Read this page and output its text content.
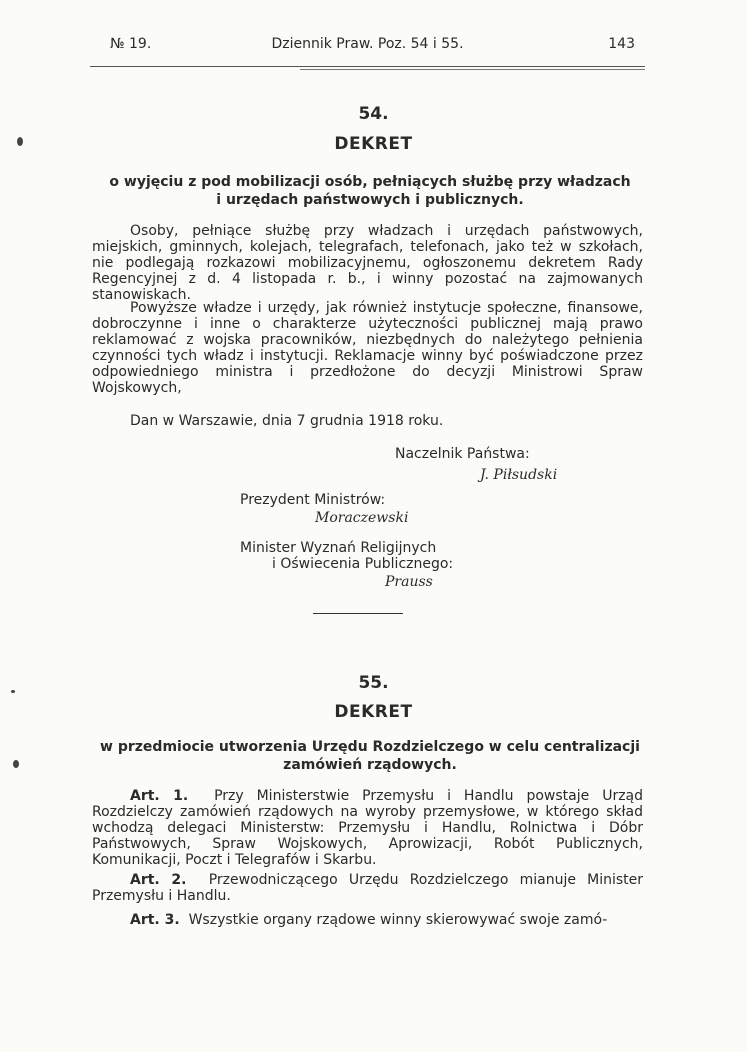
№ 19.	Dziennik Praw. Poz. 54 i 55.	143
54.
DEKRET
o wyjęciu z pod mobilizacji osób, pełniących służbę przy władzach
i urzędach państwowych i publicznych.
Osoby, pełniące służbę przy władzach i urzędach państwowych, miejskich, gminnych, kolejach, telegrafach, telefonach, jako też w szkołach, nie podlegają rozkazowi mobilizacyjnemu, ogłoszonemu dekretem Rady Regencyjnej z d. 4 listopada r. b., i winny pozostać na zajmowanych stanowiskach.
Powyższe władze i urzędy, jak również instytucje społeczne, finansowe, dobroczynne i inne o charakterze użyteczności publicznej mają prawo reklamować z wojska pracowników, niezbędnych do należytego pełnienia czynności tych władz i instytucji. Reklamacje winny być poświadczone przez odpowiedniego ministra i przedłożone do decyzji Ministrowi Spraw Wojskowych,
Dan w Warszawie, dnia 7 grudnia 1918 roku.
Naczelnik Państwa:
J. Piłsudski
Prezydent Ministrów:
Moraczewski
Minister Wyznań Religijnych
i Oświecenia Publicznego:
Prauss
55.
DEKRET
w przedmiocie utworzenia Urzędu Rozdzielczego w celu centralizacji
zamówień rządowych.
Art. 1. Przy Ministerstwie Przemysłu i Handlu powstaje Urząd Rozdzielczy zamówień rządowych na wyroby przemysłowe, w którego skład wchodzą delegaci Ministerstw: Przemysłu i Handlu, Rolnictwa i Dóbr Państwowych, Spraw Wojskowych, Aprowizacji, Robót Publicznych, Komunikacji, Poczt i Telegrafów i Skarbu.
Art. 2. Przewodniczącego Urzędu Rozdzielczego mianuje Minister Przemysłu i Handlu.
Art. 3. Wszystkie organy rządowe winny skierowywać swoje zamó-
